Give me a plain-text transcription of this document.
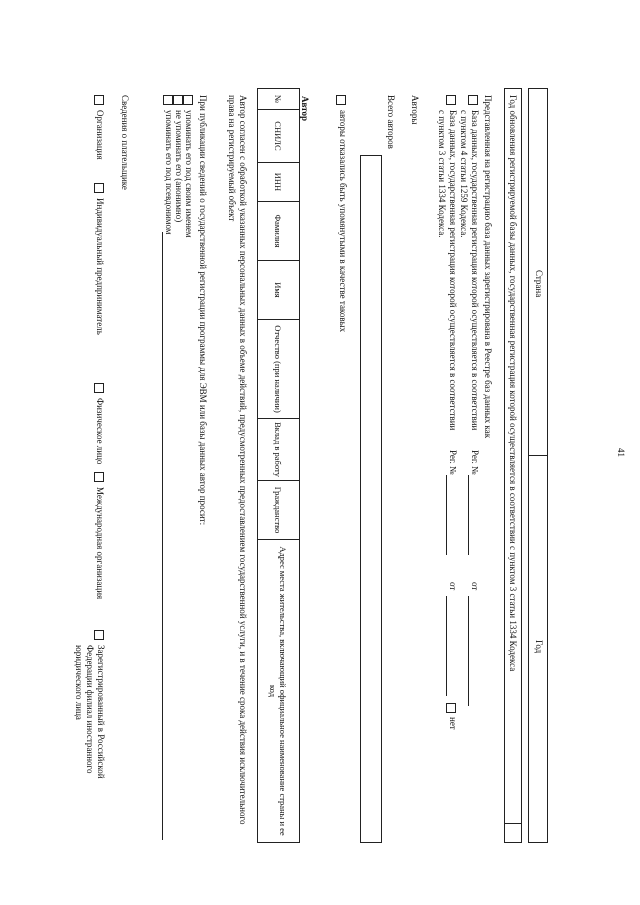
41
Страна
Год
Год обновления регистрируемой базы данных, государственная регистрация которой осуществляется в соответствии с пунктом 3 статьи 1334 Кодекса
Представленная на регистрацию база данных зарегистрирована в Реестре баз данных как
База данных, государственная регистрация которой осуществляется в соответствии с пунктом 4 статьи 1259 Кодекса.
Рег. №
от
База данных, государственная регистрация которой осуществляется в соответствии с пунктом 3 статьи 1334 Кодекса.
Рег. №
от
нет
Авторы
Всего авторов
авторы отказались быть упомянутыми в качестве таковых
Автор
№	СНИЛС	ИНН	Фамилия	Имя	Отчество (при наличии)	Вклад в работу	Гражданство	Адрес места жительства, включающий официальное наименование страны и ее код
Автор согласен с обработкой указанных персональных данных в объеме действий, предусмотренных предоставлением государственной услуги, и в течение срока действия исключительного права на регистрируемый объект
При публикации сведений о государственной регистрации программы для ЭВМ или базы данных автор просит:
упоминать его под своим именем
не упоминать его (анонимно)
упоминать его под псевдонимом
Сведения о плательщике
Организация
Индивидуальный предприниматель
Физическое лицо
Международная организация
Зарегистрированный в Российской Федерации филиал иностранного юридического лица
